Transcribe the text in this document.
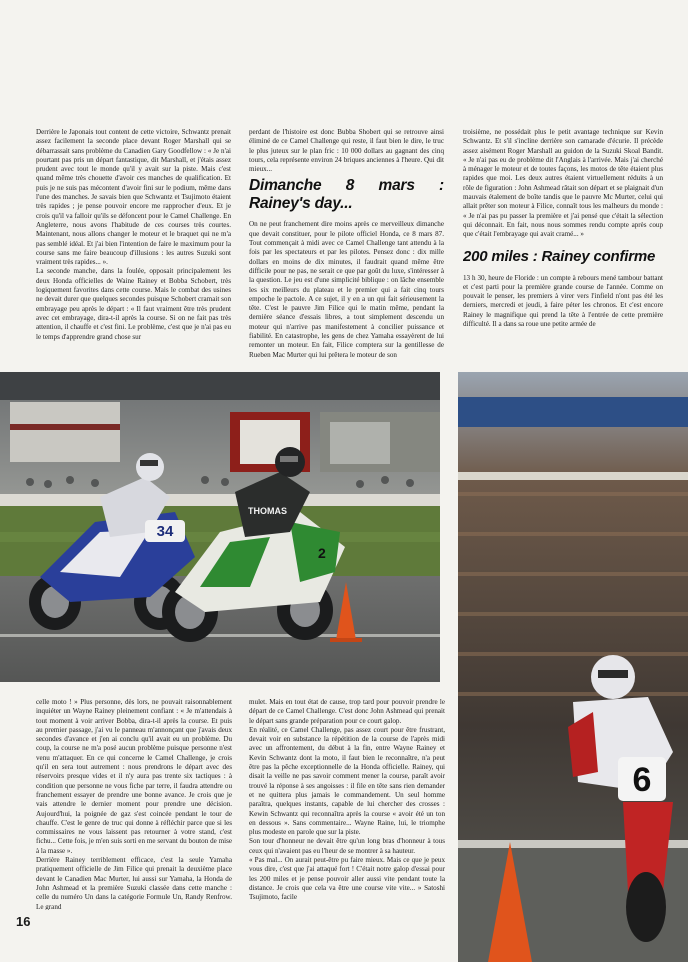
Derrière le Japonais tout content de cette victoire, Schwantz prenait assez facilement la seconde place devant Roger Marshall qui se débarrassait sans problème du Canadien Gary Goodfellow : « Je n'ai pourtant pas pris un départ fantastique, dit Marshall, et j'étais assez prudent avec tout le monde qu'il y avait sur la piste. Mais c'est quand même très chouette d'avoir ces manches de qualification. Et puis je ne suis pas mécontent d'avoir fini sur le podium, même dans l'une des manches. Je savais bien que Schwantz et Tsujimoto étaient très rapides ; je pense pouvoir encore me rapprocher d'eux. Et je crois qu'il va falloir qu'ils se défoncent pour le Camel Challenge. En Angleterre, nous avons l'habitude de ces courses très courtes. Maintenant, nous allons changer le moteur et le braquet qui ne m'a pas semblé idéal. Et j'ai bien l'intention de faire le maximum pour la course sans me faire beaucoup d'illusions : les autres Suzuki sont vraiment très rapides... ».

La seconde manche, dans la foulée, opposait principalement les deux Honda officielles de Waine Rainey et Bobba Schobert, très logiquement favorites dans cette course. Mais le combat des usines ne devait durer que quelques secondes puisque Schobert cramait son embrayage peu après le départ : « Il faut vraiment être très prudent avec cet embrayage, dira-t-il après la course. Si on ne fait pas très attention, il chauffe et c'est fini. Le problème, c'est que je n'ai pas eu le temps d'apprendre grand chose sur

perdant de l'histoire est donc Bubba Shobert qui se retrouve ainsi éliminé de ce Camel Challenge qui reste, il faut bien le dire, le truc le plus juteux sur le plan fric : 10 000 dollars au gagnant des cinq tours, cela représente environ 24 briques anciennes à l'heure. Qui dit mieux...

Dimanche 8 mars : Rainey's day...

On ne peut franchement dire moins après ce merveilleux dimanche que devait constituer, pour le pilote officiel Honda, ce 8 mars 87. Tout commençait à midi avec ce Camel Challenge tant attendu à la fois par les spectateurs et par les pilotes. Pensez donc : dix mille dollars en moins de dix minutes, il faudrait quand même être difficile pour ne pas, ne serait ce que par goût du luxe, s'intéresser à la question. Le jeu est d'une simplicité biblique : on lâche ensemble les six meilleurs du plateau et le premier qui a fait cinq tours empoche le pactole. A ce sujet, il y en a un qui fait sérieusement la tête. C'est le pauvre Jim Filice qui le matin même, pendant la dernière séance d'essais libres, a tout simplement descendu un moteur qui n'arrive pas manifestement à concilier puissance et fiabilité. En catastrophe, les gens de chez Yamaha essayèrent de lui remonter un moteur. En fait, Filice comptera sur la gentillesse de Rueben Mac Murter qui lui prêtera le moteur de son

troisième, ne possédait plus le petit avantage technique sur Kevin Schwantz. Et s'il s'incline derrière son camarade d'écurie. Il précède assez aisément Roger Marshall au guidon de la Suzuki Skoal Bandit. « Je n'ai pas eu de problème dit l'Anglais à l'arrivée. Mais j'ai cherché à ménager le moteur et de toutes façons, les motos de tête étaient plus rapides que moi. Les deux autres étaient virtuellement réduits à un rôle de figuration : John Ashmead râtait son départ et se plaignait d'un mauvais étalement de boîte tandis que le pauvre Mc Murter, celui qui allait prêter son moteur à Filice, connaît tous les malheurs du monde : « Je n'ai pas pu passer la première et j'ai pensé que c'était la sélection qui déconnait. En fait, nous nous sommes rendu compte après coup que c'était l'embrayage qui avait cramé... »

200 miles : Rainey confirme

13 h 30, heure de Floride : un compte à rebours mené tambour battant et c'est parti pour la première grande course de l'année. Comme on pouvait le penser, les premiers à virer vers l'infield n'ont pas été les derniers, mercredi et jeudi, à faire péter les chronos. Et c'est encore Rainey le magnifique qui prend la tête à l'entrée de cette première difficulté. Il a dans sa roue une petite armée de

34
THOMAS
2
6

celle moto ! » Plus personne, dès lors, ne pouvait raisonnablement inquiéter un Wayne Rainey pleinement confiant : « Je m'attendais à tout moment à voir arriver Bobba, dira-t-il après la course. Et puis au premier passage, j'ai vu le panneau m'annonçant que j'avais deux secondes d'avance et j'en ai conclu qu'il avait eu un problème. Du coup, la course ne m'a posé aucun problème puisque personne n'est venu m'attaquer. En ce qui concerne le Camel Challenge, je crois qu'il en sera tout autrement : nous prendrons le départ avec des réservoirs presque vides et il n'y aura pas trente six tactiques : à condition que personne ne vous fiche par terre, il faudra attendre ou franchement essayer de prendre une bonne avance. Je crois que je vais attendre le dernier moment pour prendre une décision. Aujourd'hui, la poignée de gaz s'est coincée pendant le tour de chauffe. C'est le genre de truc qui donne à réfléchir parce que si les commissaires ne vous laissent pas retourner à votre stand, c'est fichu... Cette fois, je m'en suis sorti en me servant du bouton de mise à la masse ».

Derrière Rainey terriblement efficace, c'est la seule Yamaha pratiquement officielle de Jim Filice qui prenait la deuxième place devant le Canadien Mac Murter, lui aussi sur Yamaha, la Honda de John Ashmead et la première Suzuki classée dans cette manche : celle du numéro Un dans la catégorie Formule Un, Randy Renfrow. Le grand

mulet. Mais en tout état de cause, trop tard pour pouvoir prendre le départ de ce Camel Challenge. C'est donc John Ashmead qui prenait le départ sans grande préparation pour ce court galop.

En réalité, ce Camel Challenge, pas assez court pour être frustrant, devait voir en substance la répétition de la course de l'après midi avec un affrontement, du début à la fin, entre Wayne Rainey et Kevin Schwantz dont la moto, il faut bien le reconnaître, n'a peut être pas la pêche exceptionnelle de la Honda officielle. Rainey, qui disait la veille ne pas savoir comment mener la course, paraît avoir trouvé la réponse à ses angoisses : il file en tête sans rien demander et ne quittera plus jamais le commandement. Un seul homme paraîtra, quelques instants, capable de lui chercher des crosses : Kewin Schwantz qui reconnaîtra après la course « avoir été un ton en dessous ». Sans commentaire... Wayne Raine, lui, le triomphe plus modeste en parole que sur la piste.

Son tour d'honneur ne devait être qu'un long bras d'honneur à tous ceux qui n'avaient pas eu l'heur de se montrer à sa hauteur.

« Pas mal... On aurait peut-être pu faire mieux. Mais ce que je peux vous dire, c'est que j'ai attaqué fort ! C'était notre galop d'essai pour les 200 miles et je pense pouvoir aller aussi vite pendant toute la distance. Je crois que cela va être une course vite vite... » Satoshi Tsujimoto, facile

16
